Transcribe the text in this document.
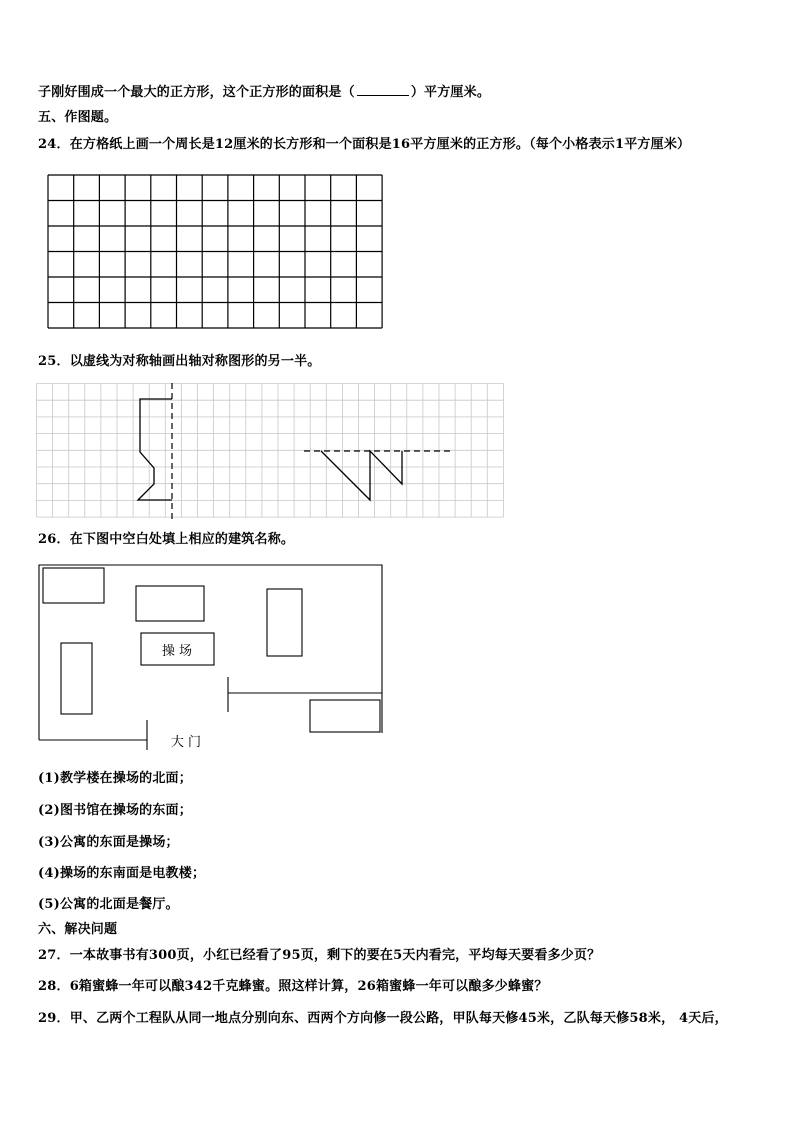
子刚好围成一个最大的正方形，这个正方形的面积是（	）平方厘米。
五、作图题。
24．在方格纸上画一个周长是12厘米的长方形和一个面积是16平方厘米的正方形。（每个小格表示1平方厘米）
25．以虚线为对称轴画出轴对称图形的另一半。
26．在下图中空白处填上相应的建筑名称。
操 场
大 门
(1)教学楼在操场的北面；
(2)图书馆在操场的东面；
(3)公寓的东面是操场；
(4)操场的东南面是电教楼；
(5)公寓的北面是餐厅。
六、解决问题
27．一本故事书有300页，小红已经看了95页，剩下的要在5天内看完，平均每天要看多少页？
28．6箱蜜蜂一年可以酿342千克蜂蜜。照这样计算，26箱蜜蜂一年可以酿多少蜂蜜？
29．甲、乙两个工程队从同一地点分别向东、西两个方向修一段公路，甲队每天修45米，乙队每天修58米， 4天后，
